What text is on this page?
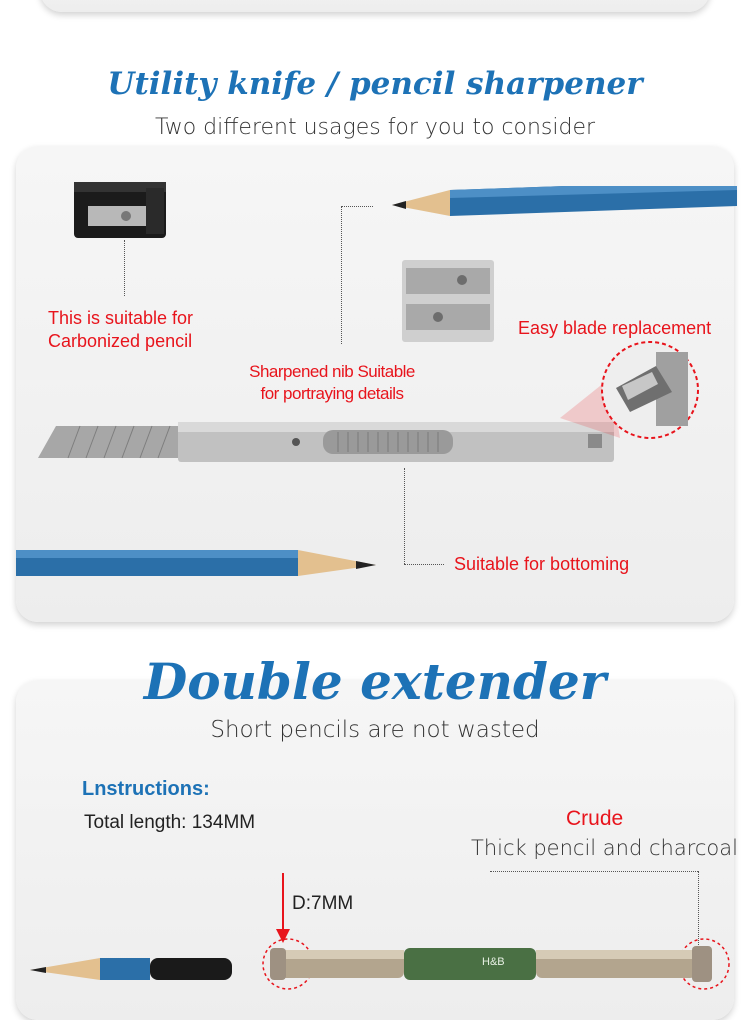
Utility knife / pencil sharpener
Two different usages for you to consider
This is suitable for
Carbonized pencil
Easy blade replacement
Sharpened nib Suitable
for portraying details
Suitable for bottoming
Double extender
Short pencils are not wasted
Lnstructions:
Total length: 134MM	Crude
Thick pencil and charcoal
D:7MM
H&B
